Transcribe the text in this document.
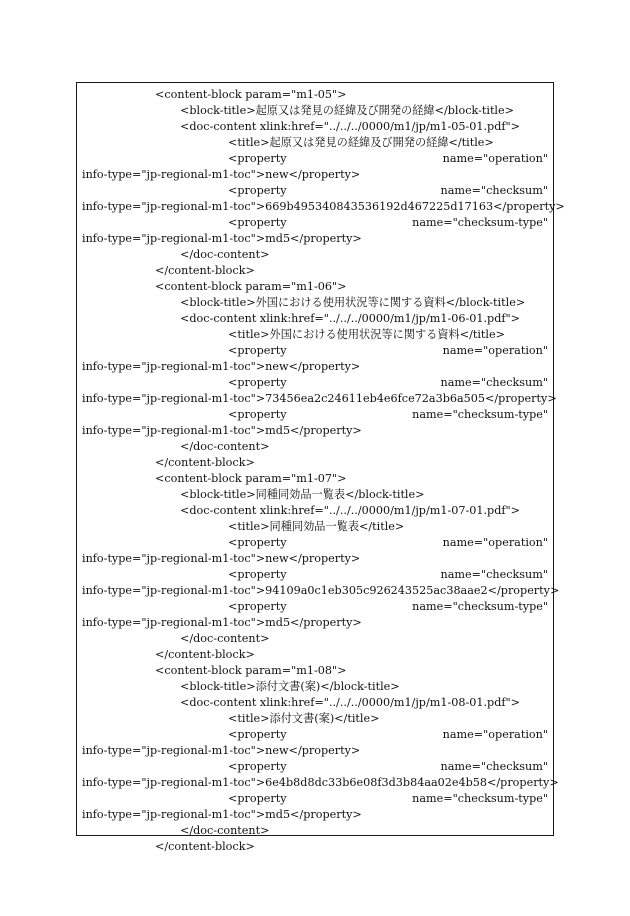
<content-block param="m1-05">
<block-title>起原又は発見の経緯及び開発の経緯</block-title>
<doc-content xlink:href="../../../0000/m1/jp/m1-05-01.pdf">
<title>起原又は発見の経緯及び開発の経緯</title>
<property	name="operation"
info-type="jp-regional-m1-toc">new</property>
<property	name="checksum"
info-type="jp-regional-m1-toc">669b495340843536192d467225d17163</property>
<property	name="checksum-type"
info-type="jp-regional-m1-toc">md5</property>
</doc-content>
</content-block>
<content-block param="m1-06">
<block-title>外国における使用状況等に関する資料</block-title>
<doc-content xlink:href="../../../0000/m1/jp/m1-06-01.pdf">
<title>外国における使用状況等に関する資料</title>
<property	name="operation"
info-type="jp-regional-m1-toc">new</property>
<property	name="checksum"
info-type="jp-regional-m1-toc">73456ea2c24611eb4e6fce72a3b6a505</property>
<property	name="checksum-type"
info-type="jp-regional-m1-toc">md5</property>
</doc-content>
</content-block>
<content-block param="m1-07">
<block-title>同種同効品一覧表</block-title>
<doc-content xlink:href="../../../0000/m1/jp/m1-07-01.pdf">
<title>同種同効品一覧表</title>
<property	name="operation"
info-type="jp-regional-m1-toc">new</property>
<property	name="checksum"
info-type="jp-regional-m1-toc">94109a0c1eb305c926243525ac38aae2</property>
<property	name="checksum-type"
info-type="jp-regional-m1-toc">md5</property>
</doc-content>
</content-block>
<content-block param="m1-08">
<block-title>添付文書(案)</block-title>
<doc-content xlink:href="../../../0000/m1/jp/m1-08-01.pdf">
<title>添付文書(案)</title>
<property	name="operation"
info-type="jp-regional-m1-toc">new</property>
<property	name="checksum"
info-type="jp-regional-m1-toc">6e4b8d8dc33b6e08f3d3b84aa02e4b58</property>
<property	name="checksum-type"
info-type="jp-regional-m1-toc">md5</property>
</doc-content>
</content-block>
